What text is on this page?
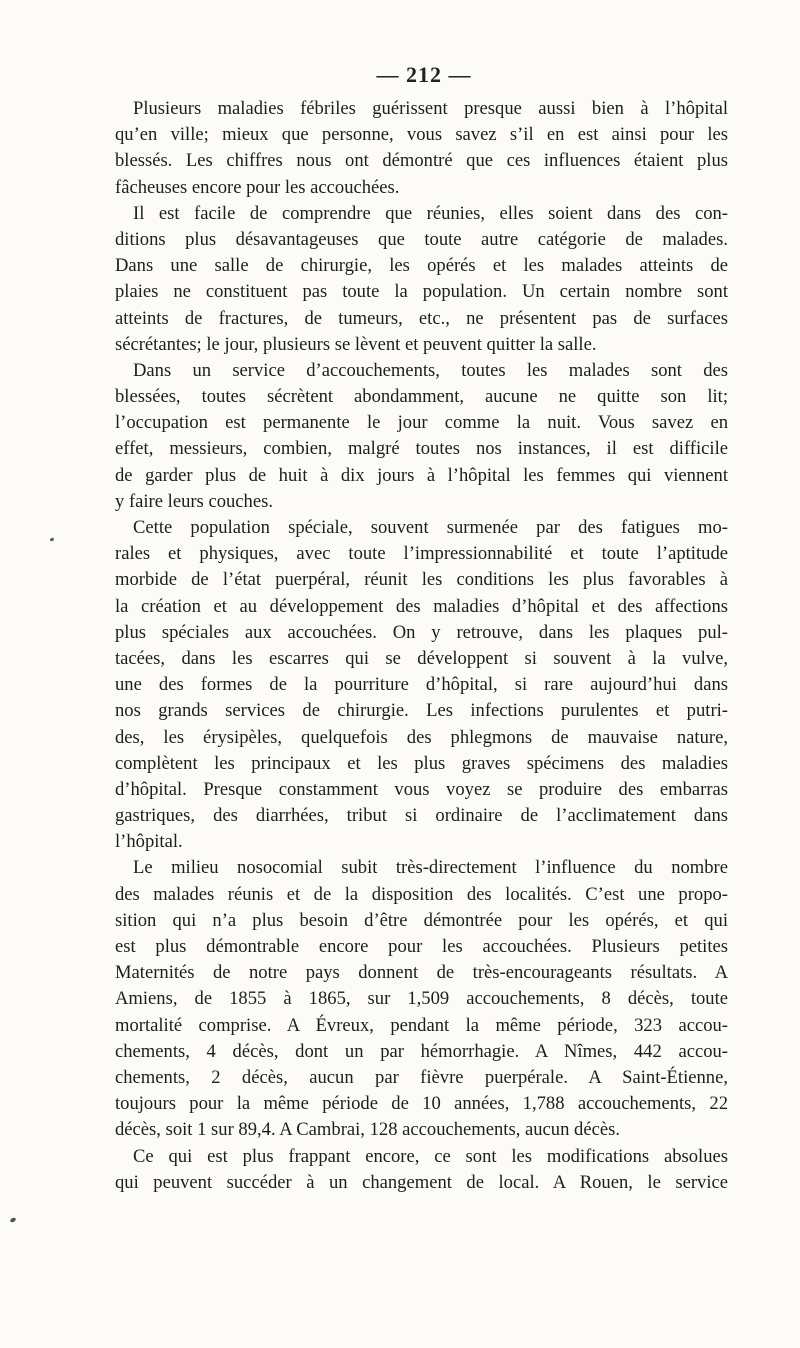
— 212 —
Plusieurs maladies fébriles guérissent presque aussi bien à l’hôpital
qu’en ville; mieux que personne, vous savez s’il en est ainsi pour les
blessés. Les chiffres nous ont démontré que ces influences étaient plus
fâcheuses encore pour les accouchées.
Il est facile de comprendre que réunies, elles soient dans des con-
ditions plus désavantageuses que toute autre catégorie de malades.
Dans une salle de chirurgie, les opérés et les malades atteints de
plaies ne constituent pas toute la population. Un certain nombre sont
atteints de fractures, de tumeurs, etc., ne présentent pas de surfaces
sécrétantes; le jour, plusieurs se lèvent et peuvent quitter la salle.
Dans un service d’accouchements, toutes les malades sont des
blessées, toutes sécrètent abondamment, aucune ne quitte son lit;
l’occupation est permanente le jour comme la nuit. Vous savez en
effet, messieurs, combien, malgré toutes nos instances, il est difficile
de garder plus de huit à dix jours à l’hôpital les femmes qui viennent
y faire leurs couches.
Cette population spéciale, souvent surmenée par des fatigues mo-
rales et physiques, avec toute l’impressionnabilité et toute l’aptitude
morbide de l’état puerpéral, réunit les conditions les plus favorables à
la création et au développement des maladies d’hôpital et des affections
plus spéciales aux accouchées. On y retrouve, dans les plaques pul-
tacées, dans les escarres qui se développent si souvent à la vulve,
une des formes de la pourriture d’hôpital, si rare aujourd’hui dans
nos grands services de chirurgie. Les infections purulentes et putri-
des, les érysipèles, quelquefois des phlegmons de mauvaise nature,
complètent les principaux et les plus graves spécimens des maladies
d’hôpital. Presque constamment vous voyez se produire des embarras
gastriques, des diarrhées, tribut si ordinaire de l’acclimatement dans
l’hôpital.
Le milieu nosocomial subit très-directement l’influence du nombre
des malades réunis et de la disposition des localités. C’est une propo-
sition qui n’a plus besoin d’être démontrée pour les opérés, et qui
est plus démontrable encore pour les accouchées. Plusieurs petites
Maternités de notre pays donnent de très-encourageants résultats. A
Amiens, de 1855 à 1865, sur 1,509 accouchements, 8 décès, toute
mortalité comprise. A Évreux, pendant la même période, 323 accou-
chements, 4 décès, dont un par hémorrhagie. A Nîmes, 442 accou-
chements, 2 décès, aucun par fièvre puerpérale. A Saint-Étienne,
toujours pour la même période de 10 années, 1,788 accouchements, 22
décès, soit 1 sur 89,4. A Cambrai, 128 accouchements, aucun décès.
Ce qui est plus frappant encore, ce sont les modifications absolues
qui peuvent succéder à un changement de local. A Rouen, le service
